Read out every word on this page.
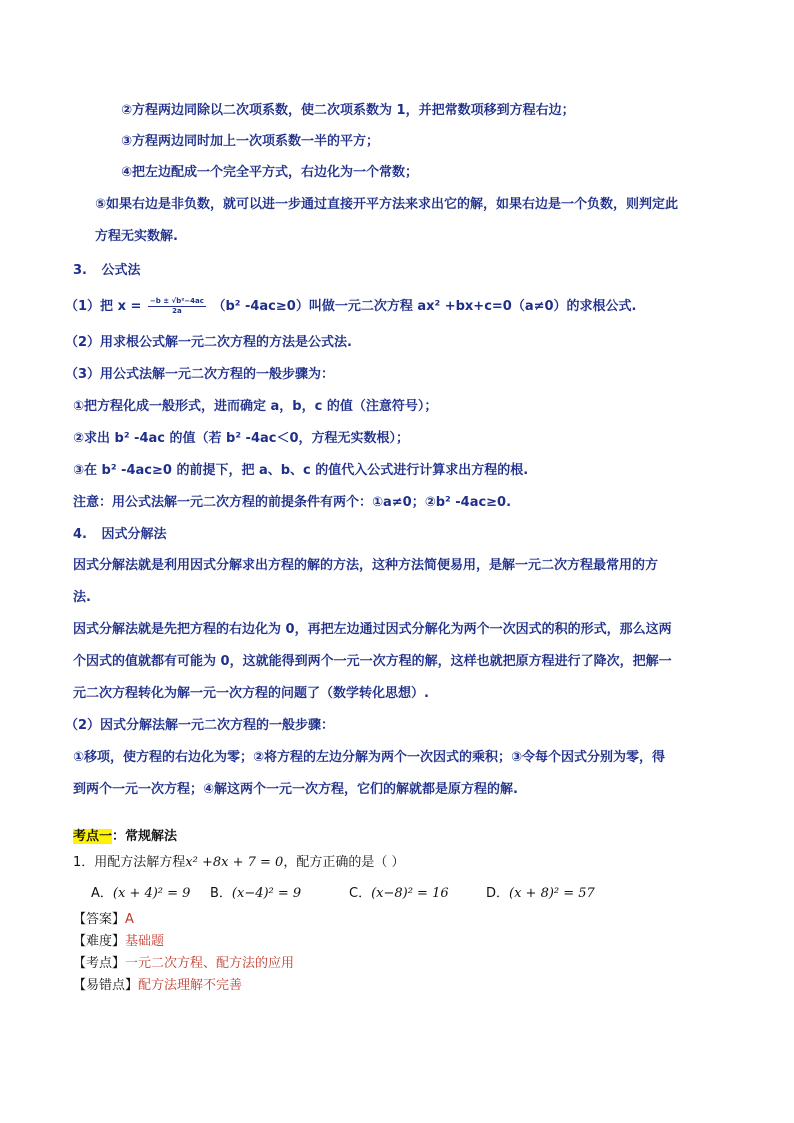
②方程两边同除以二次项系数，使二次项系数为 1，并把常数项移到方程右边；
③方程两边同时加上一次项系数一半的平方；
④把左边配成一个完全平方式，右边化为一个常数；
⑤如果右边是非负数，就可以进一步通过直接开平方法来求出它的解，如果右边是一个负数，则判定此
方程无实数解.
3. 公式法
（1）把 $x = \frac{\text{−b ± √b²−4ac}}{2a} (b^2$ -4ac≥0）叫做一元二次方程 ax² +bx+c=0（a≠0）的求根公式.
（2）用求根公式解一元二次方程的方法是公式法.
（3）用公式法解一元二次方程的一般步骤为：
①把方程化成一般形式，进而确定 a，b，c 的值（注意符号）；
②求出 b² -4ac 的值（若 b² -4ac＜0，方程无实数根）；
③在 b² -4ac≥0 的前提下，把 a、b、c 的值代入公式进行计算求出方程的根.
注意：用公式法解一元二次方程的前提条件有两个：①a≠0；②b² -4ac≥0.
4. 因式分解法
因式分解法就是利用因式分解求出方程的解的方法，这种方法简便易用，是解一元二次方程最常用的方
法.
因式分解法就是先把方程的右边化为 0，再把左边通过因式分解化为两个一次因式的积的形式，那么这两
个因式的值就都有可能为 0，这就能得到两个一元一次方程的解，这样也就把原方程进行了降次，把解一
元二次方程转化为解一元一次方程的问题了（数学转化思想）.
（2）因式分解法解一元二次方程的一般步骤：
①移项，使方程的右边化为零；②将方程的左边分解为两个一次因式的乘积；③令每个因式分别为零，得
到两个一元一次方程；④解这两个一元一次方程，它们的解就都是原方程的解.
考点一：常规解法
1．用配方法解方程x² +8x + 7 = 0，配方正确的是（ ）
A．(x + 4)² = 9 B．(x−4)² = 9	C．(x−8)² = 16	D．(x + 8)² = 57
【答案】A
【难度】基础题
【考点】一元二次方程、配方法的应用
【易错点】配方法理解不完善
